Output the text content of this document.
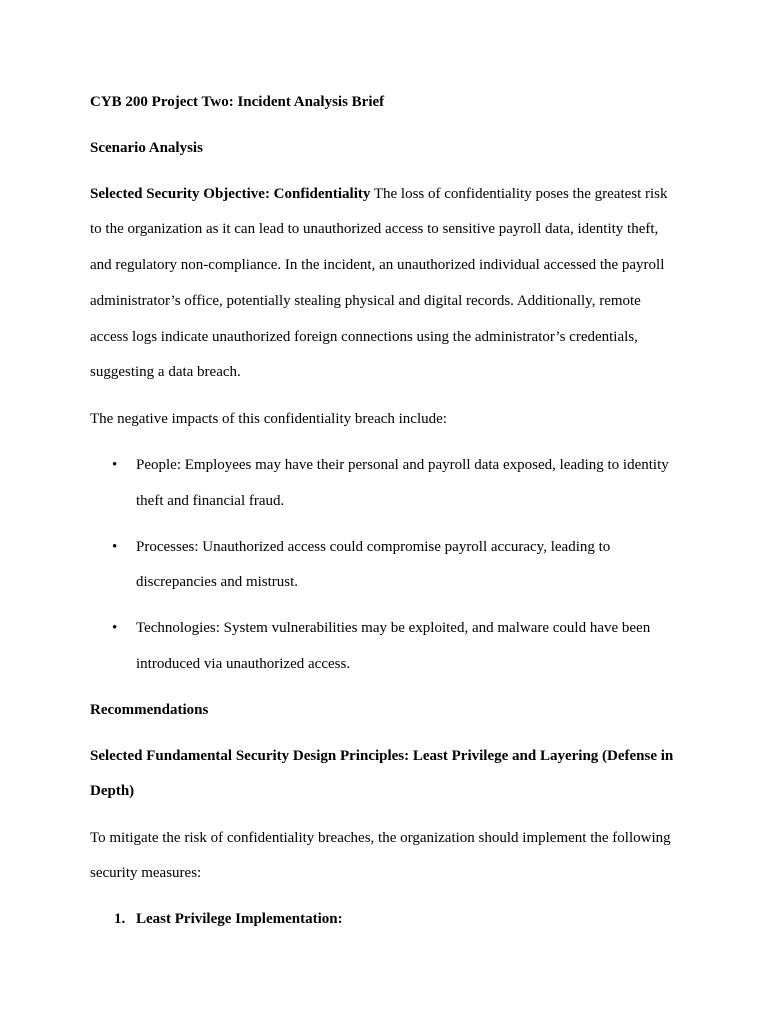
CYB 200 Project Two: Incident Analysis Brief
Scenario Analysis
Selected Security Objective: Confidentiality The loss of confidentiality poses the greatest risk
to the organization as it can lead to unauthorized access to sensitive payroll data, identity theft,
and regulatory non-compliance. In the incident, an unauthorized individual accessed the payroll
administrator’s office, potentially stealing physical and digital records. Additionally, remote
access logs indicate unauthorized foreign connections using the administrator’s credentials,
suggesting a data breach.
The negative impacts of this confidentiality breach include:
• People: Employees may have their personal and payroll data exposed, leading to identity
theft and financial fraud.
• Processes: Unauthorized access could compromise payroll accuracy, leading to
discrepancies and mistrust.
• Technologies: System vulnerabilities may be exploited, and malware could have been
introduced via unauthorized access.
Recommendations
Selected Fundamental Security Design Principles: Least Privilege and Layering (Defense in
Depth)
To mitigate the risk of confidentiality breaches, the organization should implement the following
security measures:
1. Least Privilege Implementation:
